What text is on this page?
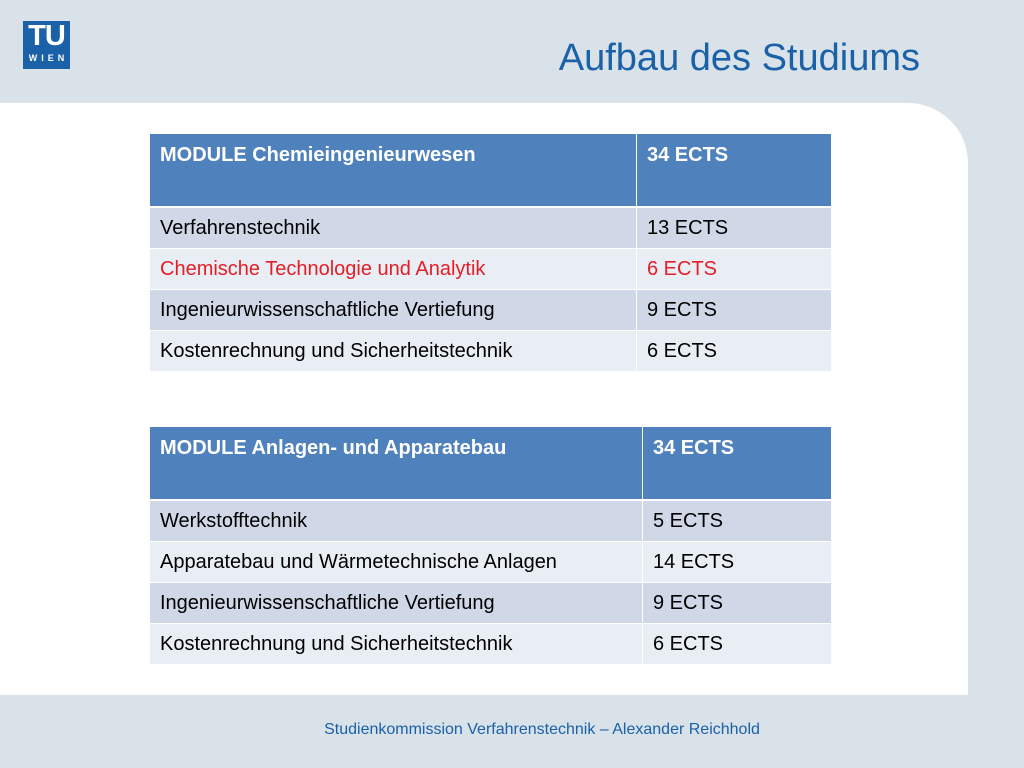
TU
WIEN	Aufbau des Studiums
MODULE Chemieingenieurwesen	34 ECTS
Verfahrenstechnik	13 ECTS
Chemische Technologie und Analytik	6 ECTS
Ingenieurwissenschaftliche Vertiefung	9 ECTS
Kostenrechnung und Sicherheitstechnik	6 ECTS
MODULE Anlagen- und Apparatebau	34 ECTS
Werkstofftechnik	5 ECTS
Apparatebau und Wärmetechnische Anlagen	14 ECTS
Ingenieurwissenschaftliche Vertiefung	9 ECTS
Kostenrechnung und Sicherheitstechnik	6 ECTS
Studienkommission Verfahrenstechnik – Alexander Reichhold
